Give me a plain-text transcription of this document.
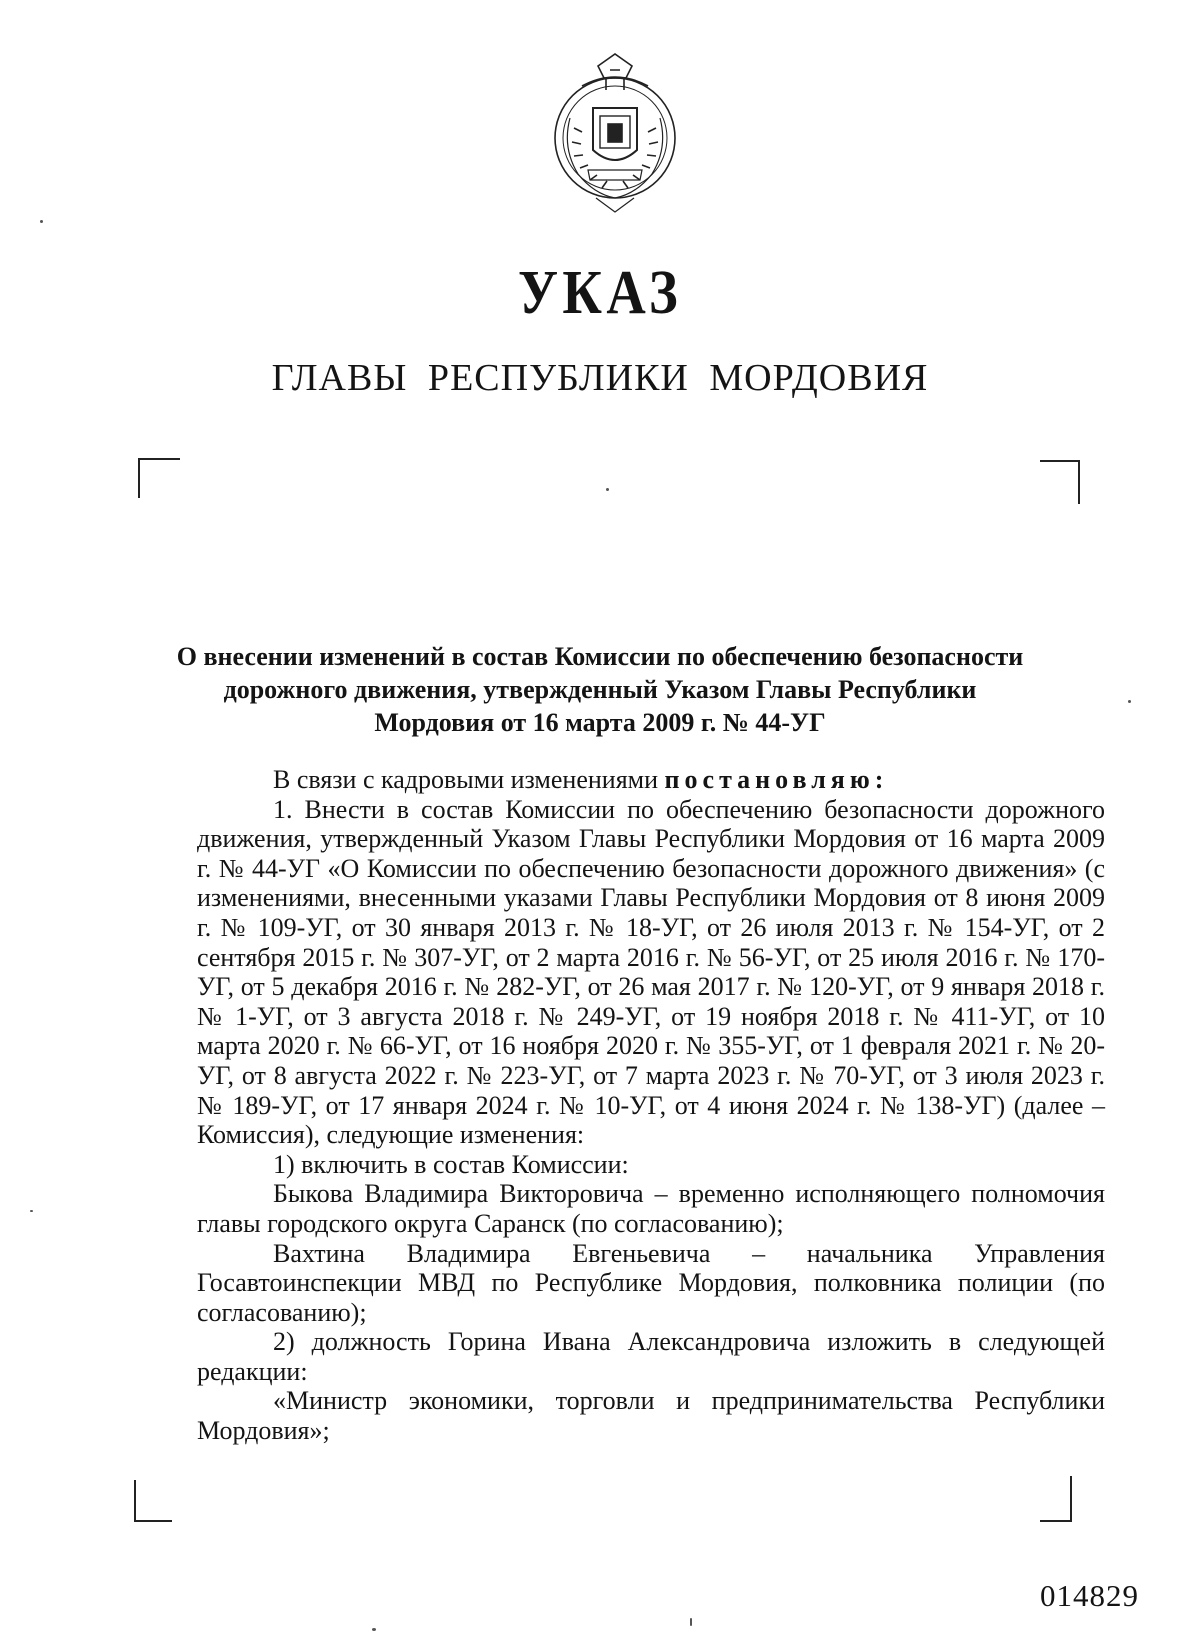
УКАЗ
ГЛАВЫ РЕСПУБЛИКИ МОРДОВИЯ
О внесении изменений в состав Комиссии по обеспечению безопасности
дорожного движения, утвержденный Указом Главы Республики
Мордовия от 16 марта 2009 г. № 44-УГ

В связи с кадровыми изменениями постановляю:

1. Внести в состав Комиссии по обеспечению безопасности дорожного движения, утвержденный Указом Главы Республики Мордовия от 16 марта 2009 г. № 44-УГ «О Комиссии по обеспечению безопасности дорожного движения» (с изменениями, внесенными указами Главы Республики Мордовия от 8 июня 2009 г. № 109-УГ, от 30 января 2013 г. № 18-УГ, от 26 июля 2013 г. № 154-УГ, от 2 сентября 2015 г. № 307-УГ, от 2 марта 2016 г. № 56-УГ, от 25 июля 2016 г. № 170-УГ, от 5 декабря 2016 г. № 282-УГ, от 26 мая 2017 г. № 120-УГ, от 9 января 2018 г. № 1-УГ, от 3 августа 2018 г. № 249-УГ, от 19 ноября 2018 г. № 411-УГ, от 10 марта 2020 г. № 66-УГ, от 16 ноября 2020 г. № 355-УГ, от 1 февраля 2021 г. № 20-УГ, от 8 августа 2022 г. № 223-УГ, от 7 марта 2023 г. № 70-УГ, от 3 июля 2023 г. № 189-УГ, от 17 января 2024 г. № 10-УГ, от 4 июня 2024 г. № 138-УГ) (далее – Комиссия), следующие изменения:

1) включить в состав Комиссии:

Быкова Владимира Викторовича – временно исполняющего полномочия главы городского округа Саранск (по согласованию);

Вахтина Владимира Евгеньевича – начальника Управления Госавтоинспекции МВД по Республике Мордовия, полковника полиции (по согласованию);

2) должность Горина Ивана Александровича изложить в следующей редакции:

«Министр экономики, торговли и предпринимательства Республики Мордовия»;

014829
